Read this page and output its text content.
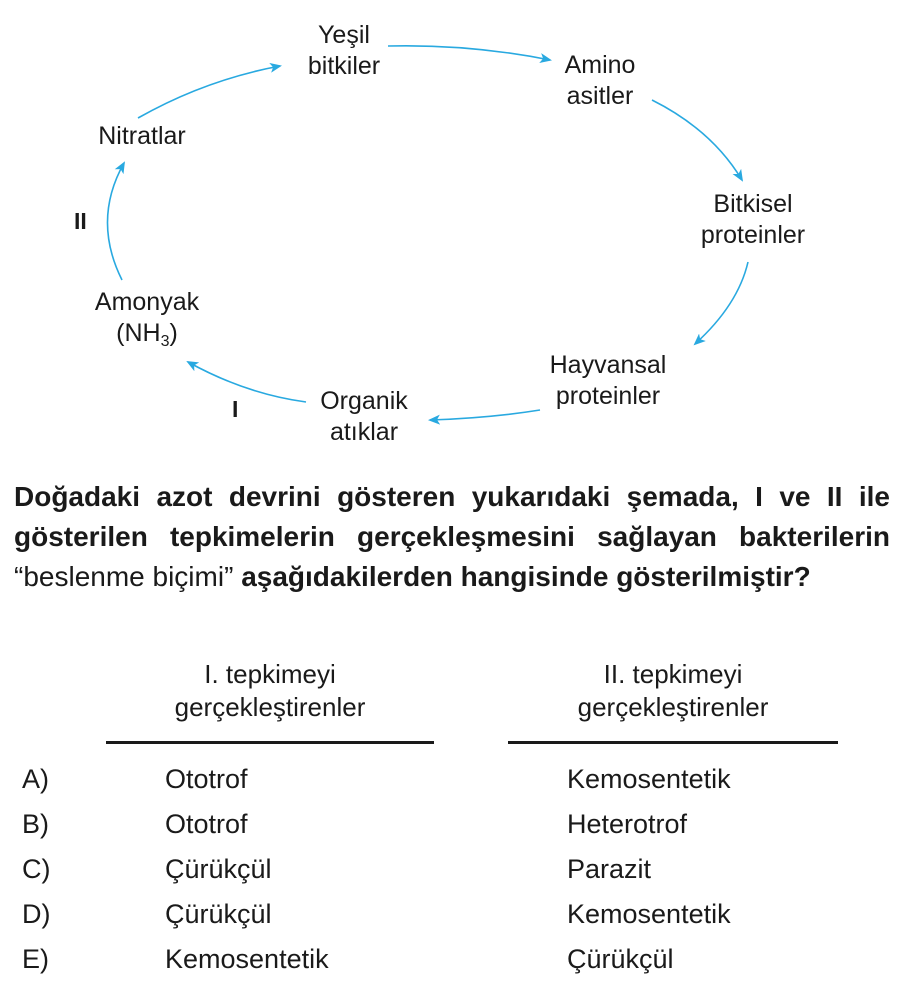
Yeşil
bitkiler	Amino
asitler
Bitkisel
proteinler
Hayvansal
proteinler
Organik
atıklar
Amonyak
$(NH_3)$
Nitratlar
I
II
Doğadaki azot devrini gösteren yukarıdaki şemada, I ve II ile gösterilen tepkimelerin gerçekleşmesini sağlayan bakterilerin “beslenme biçimi” aşağıdakilerden hangisinde gösterilmiştir?
I. tepkimeyi
gerçekleştirenler
II. tepkimeyi
gerçekleştirenler
A)	Ototrof	Kemosentetik
B)	Ototrof	Heterotrof
C)	Çürükçül	Parazit
D)	Çürükçül	Kemosentetik
E)	Kemosentetik	Çürükçül
